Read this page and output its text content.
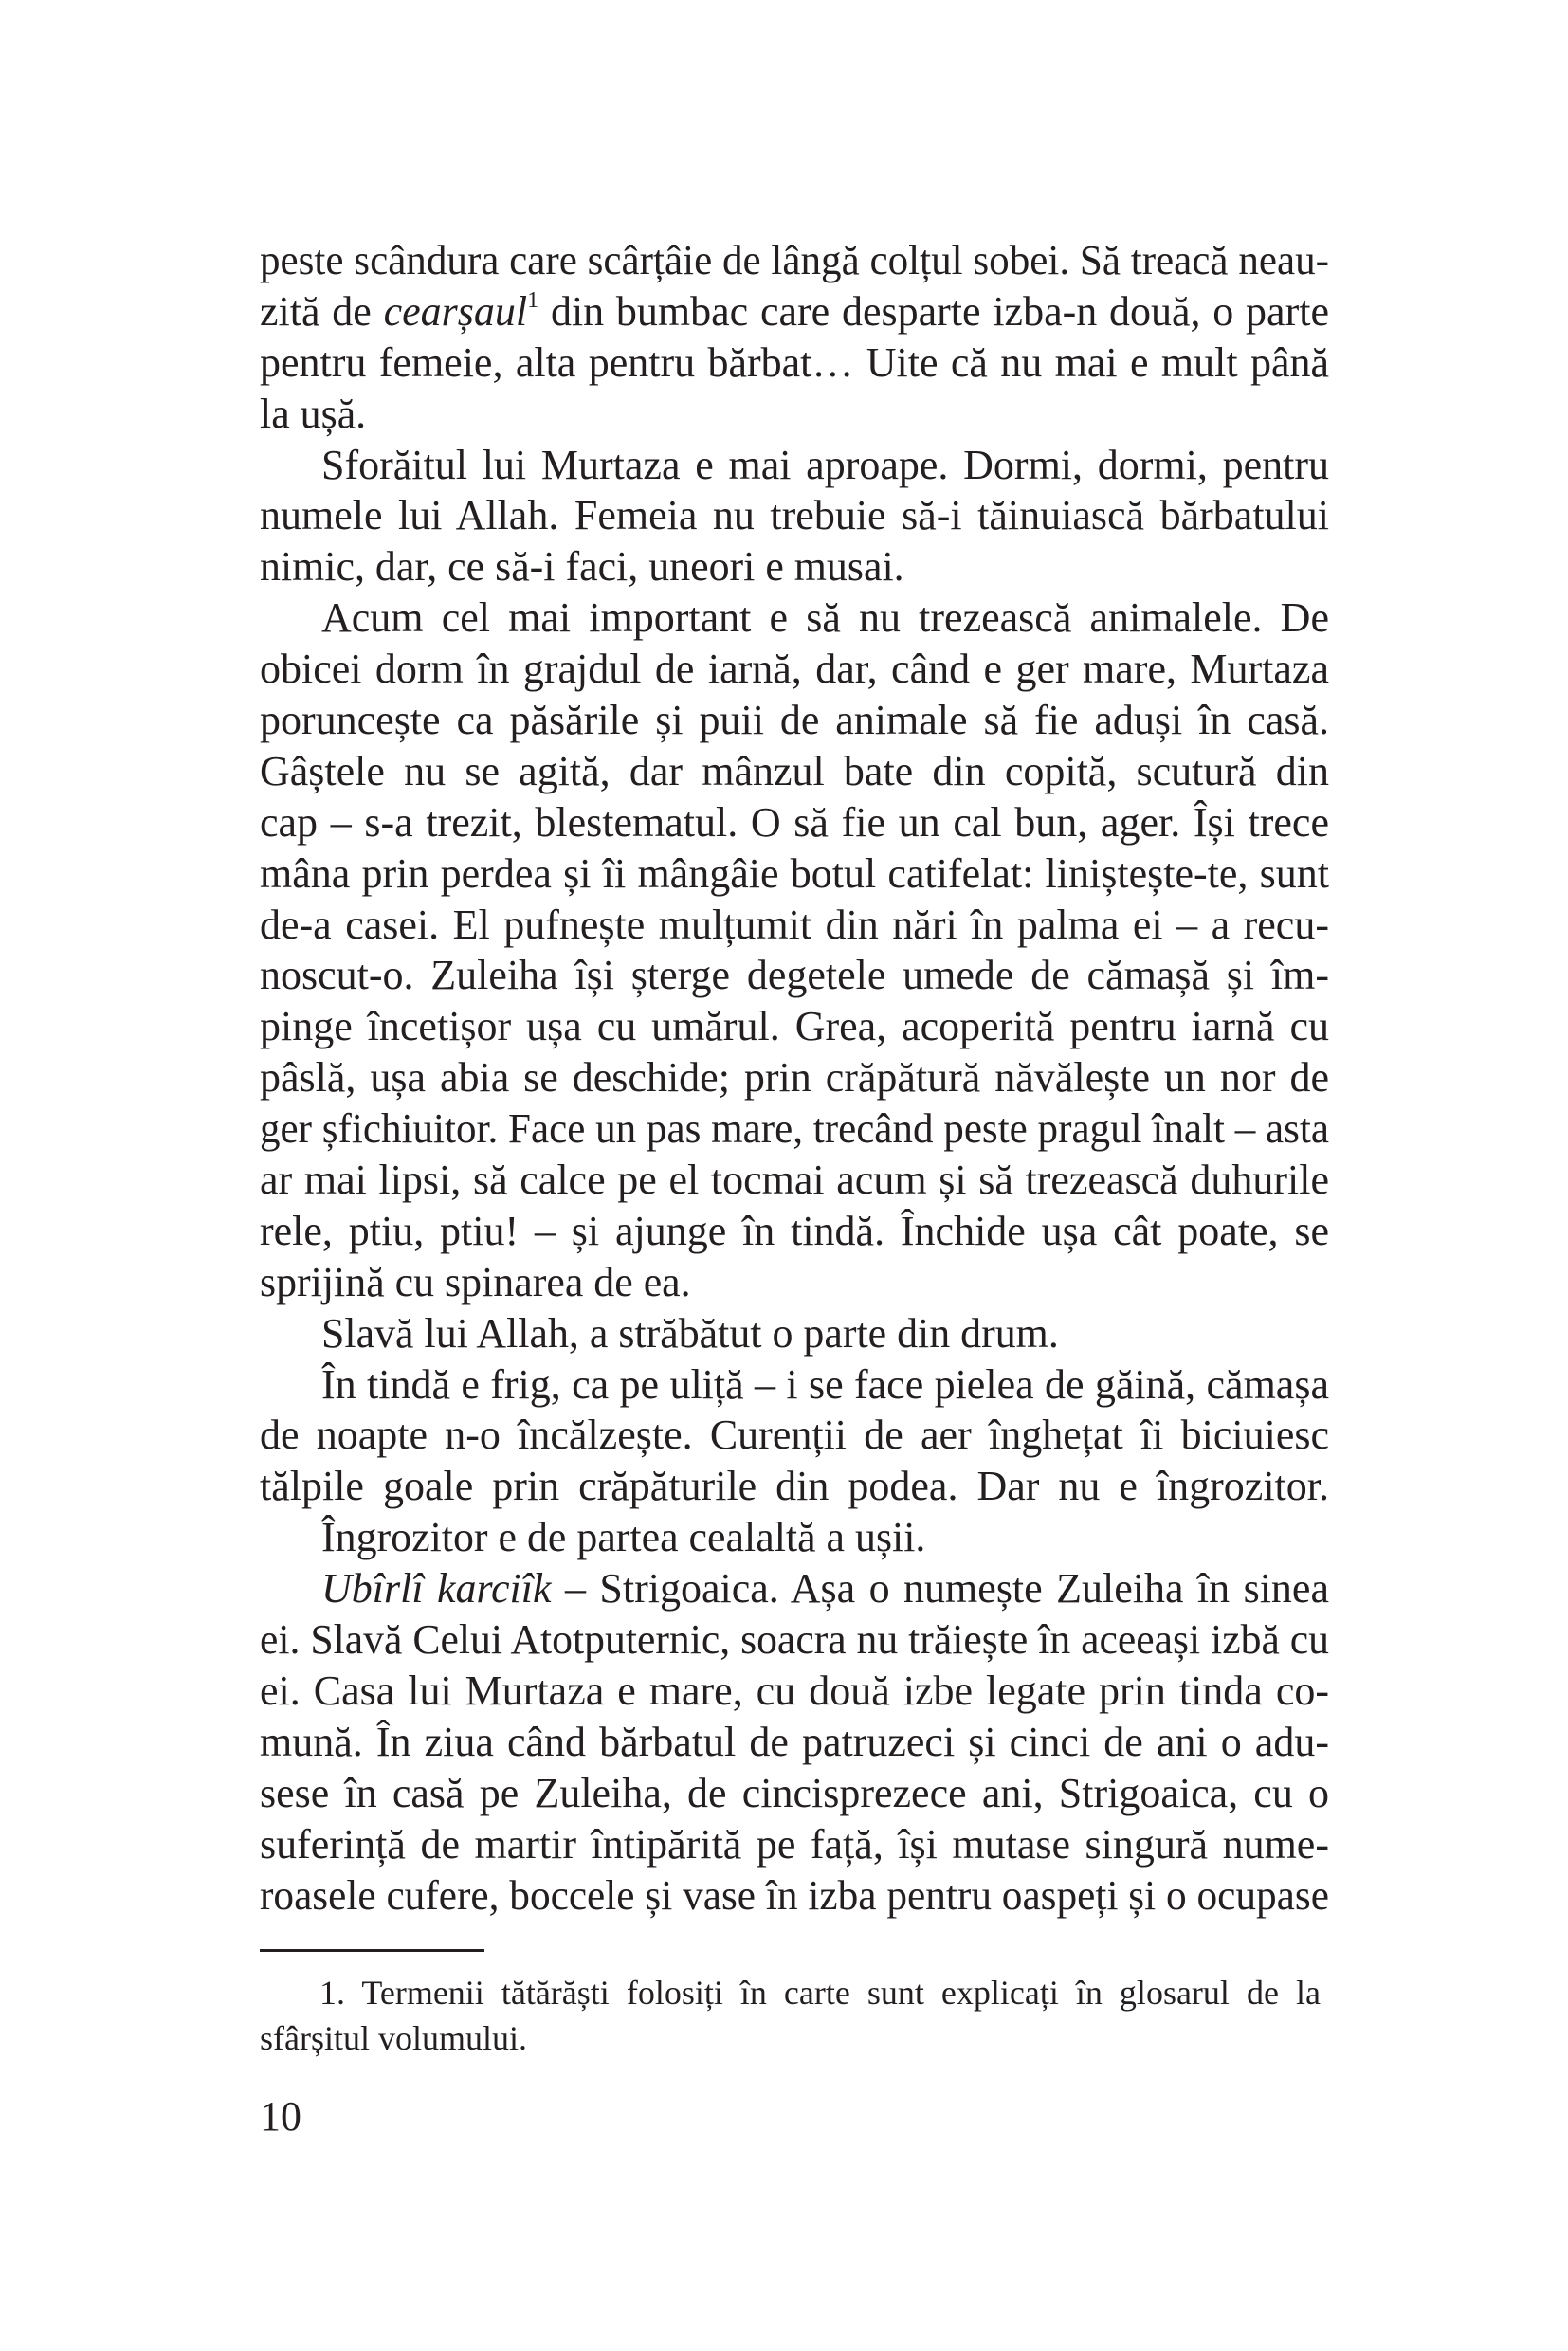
peste scândura care scârțâie de lângă colțul sobei. Să treacă neau-
zită de cearșaul$^1$ din bumbac care desparte izba-n două, o parte
pentru femeie, alta pentru bărbat… Uite că nu mai e mult până
la ușă.
Sforăitul lui Murtaza e mai aproape. Dormi, dormi, pentru
numele lui Allah. Femeia nu trebuie să-i tăinuiască bărbatului
nimic, dar, ce să-i faci, uneori e musai.
Acum cel mai important e să nu trezească animalele. De
obicei dorm în grajdul de iarnă, dar, când e ger mare, Murtaza
poruncește ca păsările și puii de animale să fie aduși în casă.
Gâștele nu se agită, dar mânzul bate din copită, scutură din
cap – s-a trezit, blestematul. O să fie un cal bun, ager. Își trece
mâna prin perdea și îi mângâie botul catifelat: liniștește-te, sunt
de-a casei. El pufnește mulțumit din nări în palma ei – a recu-
noscut-o. Zuleiha își șterge degetele umede de cămașă și îm-
pinge încetișor ușa cu umărul. Grea, acoperită pentru iarnă cu
pâslă, ușa abia se deschide; prin crăpătură năvălește un nor de
ger șfichiuitor. Face un pas mare, trecând peste pragul înalt – asta
ar mai lipsi, să calce pe el tocmai acum și să trezească duhurile
rele, ptiu, ptiu! – și ajunge în tindă. Închide ușa cât poate, se
sprijină cu spinarea de ea.
Slavă lui Allah, a străbătut o parte din drum.
În tindă e frig, ca pe uliță – i se face pielea de găină, cămașa
de noapte n-o încălzește. Curenții de aer înghețat îi biciuiesc
tălpile goale prin crăpăturile din podea. Dar nu e îngrozitor.
Îngrozitor e de partea cealaltă a ușii.
Ubîrlî karciîk – Strigoaica. Așa o numește Zuleiha în sinea
ei. Slavă Celui Atotputernic, soacra nu trăiește în aceeași izbă cu
ei. Casa lui Murtaza e mare, cu două izbe legate prin tinda co-
mună. În ziua când bărbatul de patruzeci și cinci de ani o adu-
sese în casă pe Zuleiha, de cincisprezece ani, Strigoaica, cu o
suferință de martir întipărită pe față, își mutase singură nume-
roasele cufere, boccele și vase în izba pentru oaspeți și o ocupase
1. Termenii tătărăști folosiți în carte sunt explicați în glosarul de la
sfârșitul volumului.
10
